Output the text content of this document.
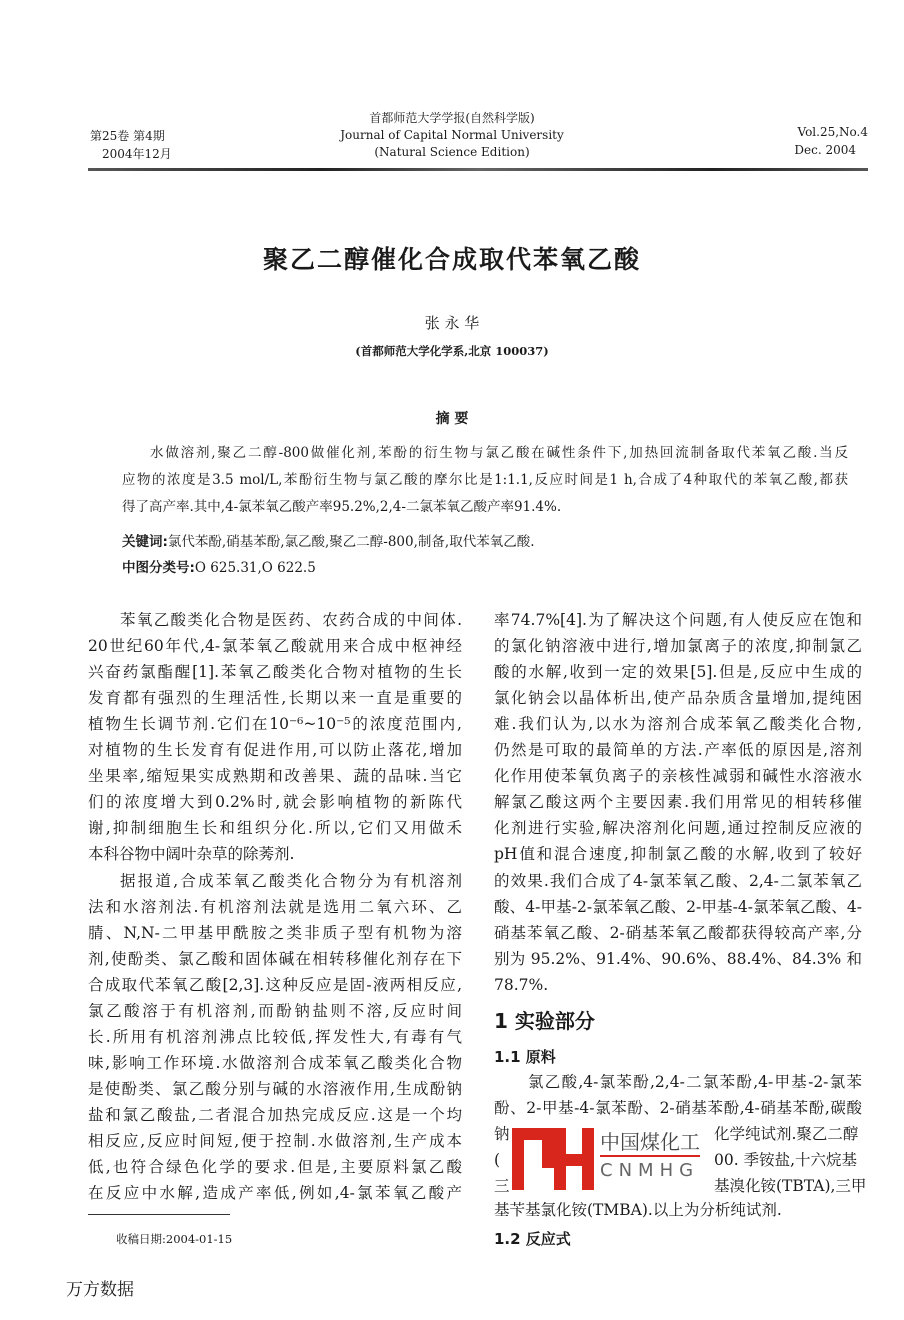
第25卷 第4期
2004年12月
首都师范大学学报(自然科学版)
Journal of Capital Normal University
(Natural Science Edition)
Vol.25,No.4
Dec. 2004
聚乙二醇催化合成取代苯氧乙酸
张 永 华
(首都师范大学化学系,北京 100037)
摘 要
水做溶剂,聚乙二醇-800做催化剂,苯酚的衍生物与氯乙酸在碱性条件下,加热回流制备取代苯氧乙酸.当反
应物的浓度是3.5 mol/L,苯酚衍生物与氯乙酸的摩尔比是1:1.1,反应时间是1 h,合成了4种取代的苯氧乙酸,都获
得了高产率.其中,4-氯苯氧乙酸产率95.2%,2,4-二氯苯氧乙酸产率91.4%.
关键词:氯代苯酚,硝基苯酚,氯乙酸,聚乙二醇-800,制备,取代苯氧乙酸.
中图分类号:O 625.31,O 622.5
苯氧乙酸类化合物是医药、农药合成的中间体.
20世纪60年代,4-氯苯氧乙酸就用来合成中枢神经
兴奋药氯酯醒[1].苯氧乙酸类化合物对植物的生长
发育都有强烈的生理活性,长期以来一直是重要的
植物生长调节剂.它们在10⁻⁶~10⁻⁵的浓度范围内,
对植物的生长发育有促进作用,可以防止落花,增加
坐果率,缩短果实成熟期和改善果、蔬的品味.当它
们的浓度增大到0.2%时,就会影响植物的新陈代
谢,抑制细胞生长和组织分化.所以,它们又用做禾
本科谷物中阔叶杂草的除莠剂.
据报道,合成苯氧乙酸类化合物分为有机溶剂
法和水溶剂法.有机溶剂法就是选用二氧六环、乙
腈、N,N-二甲基甲酰胺之类非质子型有机物为溶
剂,使酚类、氯乙酸和固体碱在相转移催化剂存在下
合成取代苯氧乙酸[2,3].这种反应是固-液两相反应,
氯乙酸溶于有机溶剂,而酚钠盐则不溶,反应时间
长.所用有机溶剂沸点比较低,挥发性大,有毒有气
味,影响工作环境.水做溶剂合成苯氧乙酸类化合物
是使酚类、氯乙酸分别与碱的水溶液作用,生成酚钠
盐和氯乙酸盐,二者混合加热完成反应.这是一个均
相反应,反应时间短,便于控制.水做溶剂,生产成本
低,也符合绿色化学的要求.但是,主要原料氯乙酸
在反应中水解,造成产率低,例如,4-氯苯氧乙酸产
率74.7%[4].为了解决这个问题,有人使反应在饱和
的氯化钠溶液中进行,增加氯离子的浓度,抑制氯乙
酸的水解,收到一定的效果[5].但是,反应中生成的
氯化钠会以晶体析出,使产品杂质含量增加,提纯困
难.我们认为,以水为溶剂合成苯氧乙酸类化合物,
仍然是可取的最简单的方法.产率低的原因是,溶剂
化作用使苯氧负离子的亲核性减弱和碱性水溶液水
解氯乙酸这两个主要因素.我们用常见的相转移催
化剂进行实验,解决溶剂化问题,通过控制反应液的
pH值和混合速度,抑制氯乙酸的水解,收到了较好
的效果.我们合成了4-氯苯氧乙酸、2,4-二氯苯氧乙
酸、4-甲基-2-氯苯氧乙酸、2-甲基-4-氯苯氧乙酸、4-
硝基苯氧乙酸、2-硝基苯氧乙酸都获得较高产率,分
别为 95.2%、91.4%、90.6%、88.4%、84.3% 和
78.7%.
1 实验部分
1.1 原料
氯乙酸,4-氯苯酚,2,4-二氯苯酚,4-甲基-2-氯苯
酚、2-甲基-4-氯苯酚、2-硝基苯酚,4-硝基苯酚,碳酸
钠	化学纯试剂.聚乙二醇
(	00. 季铵盐,十六烷基
三	基溴化铵(TBTA),三甲
基苄基氯化铵(TMBA).以上为分析纯试剂.
1.2 反应式
中国煤化工
CNMHG
收稿日期:2004-01-15
万方数据
